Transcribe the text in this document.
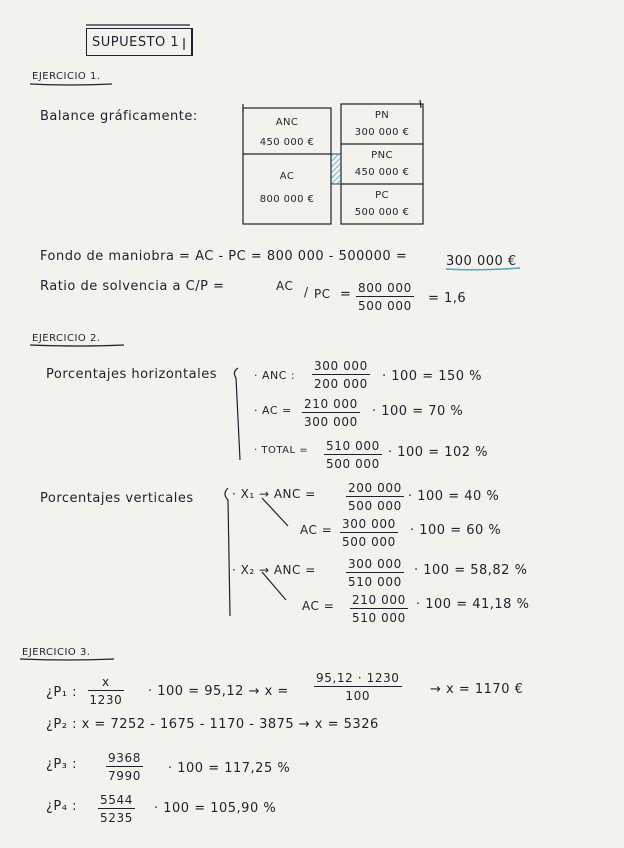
SUPUESTO 1
EJERCICIO 1.
Balance gráficamente:	ANC
450 000 €
AC
800 000 €
PN
300 000 €
PNC
450 000 €
PC
500 000 €
Fondo de maniobra = AC - PC = 800 000 - 500000 =	300 000 €
Ratio de solvencia a C/P =	AC / PC = $\frac{800 000}{500 000} = 1,6$
EJERCICIO 2.
Porcentajes horizontales	· ANC : $\frac{300 000}{200 000} \cdot 100 = 150$ %
· AC = $\frac{210 000}{300 000} \cdot 100 = 70$ %
· TOTAL = $\frac{510 000}{500 000} \cdot 100 = 102$ %
Porcentajes verticales	· X₁ → ANC =	$\frac{200 000}{500 000} \cdot 100 = 40$ %
AC = $\frac{300 000}{500 000} \cdot 100 = 60$ %
· X₂ → ANC =	$\frac{300 000}{510 000} \cdot 100 = 58,82$ %
AC = $\frac{210 000}{510 000} \cdot 100 = 41,18$ %
EJERCICIO 3.
¿P₁ : $\frac{x}{1230} \cdot 100 = 95,12 \to x = \frac{95,12 \cdot 1230}{100} \to x = 1170$ €
¿P₂ : x = 7252 - 1675 - 1170 - 3875 → x = 5326
¿P₃ : $\frac{9368}{7990} \cdot 100 = 117,25$ %
¿P₄ : $\frac{5544}{5235} \cdot 100 = 105,90$ %
